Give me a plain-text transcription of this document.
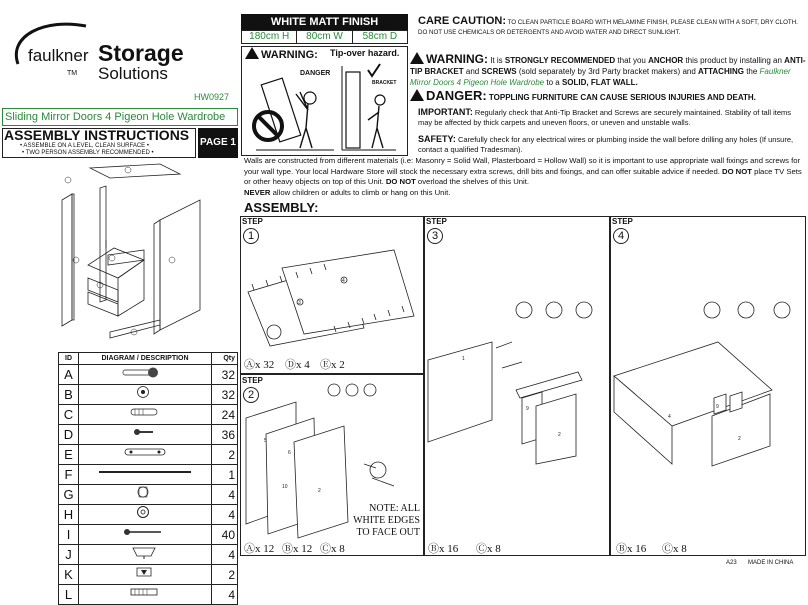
faulkner
TM
Storage
Solutions
HW0927
Sliding Mirror Doors 4 Pigeon Hole Wardrobe
ASSEMBLY INSTRUCTIONS
• ASSEMBLE ON A LEVEL, CLEAN SURFACE •
• TWO PERSON ASSEMBLY RECOMMENDED •
PAGE 1
ID	DIAGRAM / DESCRIPTION	Qty
A		32
B		32
C		24
D		36
E		2
F		1
G		4
H		4
I		40
J		4
K		2
L		4
WHITE MATT FINISH
180cm H	80cm W	58cm D
WARNING: Tip-over hazard.
DANGER
BRACKET
CARE CAUTION: TO CLEAN PARTICLE BOARD WITH MELAMINE FINISH, PLEASE CLEAN WITH A SOFT, DRY CLOTH. DO NOT USE CHEMICALS OR DETERGENTS AND AVOID WATER AND DIRECT SUNLIGHT.
WARNING: It is STRONGLY RECOMMENDED that you ANCHOR this product by installing an ANTI-TIP BRACKET and SCREWS (sold separately by 3rd Party bracket makers) and ATTACHING the Faulkner Mirror Doors 4 Pigeon Hole Wardrobe to a SOLID, FLAT WALL.
DANGER: TOPPLING FURNITURE CAN CAUSE SERIOUS INJURIES AND DEATH.
IMPORTANT: Regularly check that Anti-Tip Bracket and Screws are securely maintained. Stability of tall items may be affected by thick carpets and uneven floors, or uneven and unstable walls.
SAFETY: Carefully check for any electrical wires or plumbing inside the wall before drilling any holes (If unsure, contact a qualified Tradesman).
Walls are constructed from different materials (i.e: Masonry = Solid Wall, Plasterboard = Hollow Wall) so it is important to use appropriate wall fixings and screws for your wall type. Your local Hardware Store will stock the necessary extra screws, drill bits and fixings, and can offer suitable advice if needed. DO NOT place TV Sets or other heavy objects on top of this Unit. DO NOT overload the shelves of this Unit.
NEVER allow children or adults to climb or hang on this Unit.
ASSEMBLY:
STEP
1
3
4
Ⓐx 32 Ⓓx 4 Ⓔx 2
STEP
2
5
6
2
10
NOTE: ALL
WHITE EDGES
TO FACE OUT
Ⓐx 12 Ⓑx 12 Ⓒx 8
STEP
3
1
9
2
Ⓑx 16 Ⓒx 8
STEP
4
4
9
2
Ⓑx 16 Ⓒx 8
A23 MADE IN CHINA
